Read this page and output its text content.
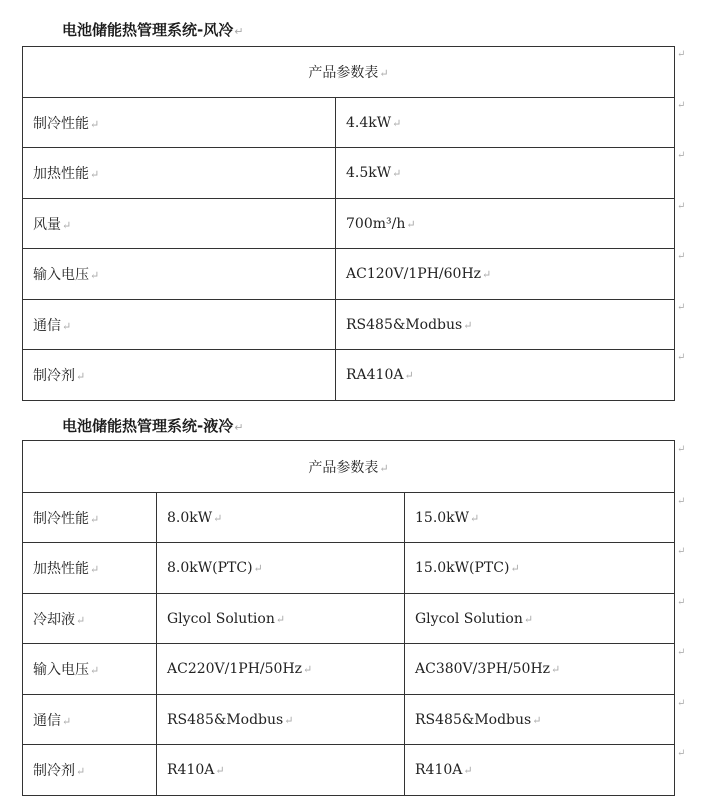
电池储能热管理系统-风冷↵
产品参数表↵	
制冷性能↵	4.4kW↵
加热性能↵	4.5kW↵
风量↵	700m³/h↵
输入电压↵	AC120V/1PH/60Hz↵
通信↵	RS485&Modbus↵
制冷剂↵	RA410A↵
电池储能热管理系统-液冷↵
产品参数表↵		
制冷性能↵	8.0kW↵	15.0kW↵
加热性能↵	8.0kW(PTC)↵	15.0kW(PTC)↵
冷却液↵	Glycol Solution↵	Glycol Solution↵
输入电压↵	AC220V/1PH/50Hz↵	AC380V/3PH/50Hz↵
通信↵	RS485&Modbus↵	RS485&Modbus↵
制冷剂↵	R410A↵	R410A↵
↵
↵
↵
↵
↵
↵
↵
↵
↵
↵
↵
↵
↵
↵
